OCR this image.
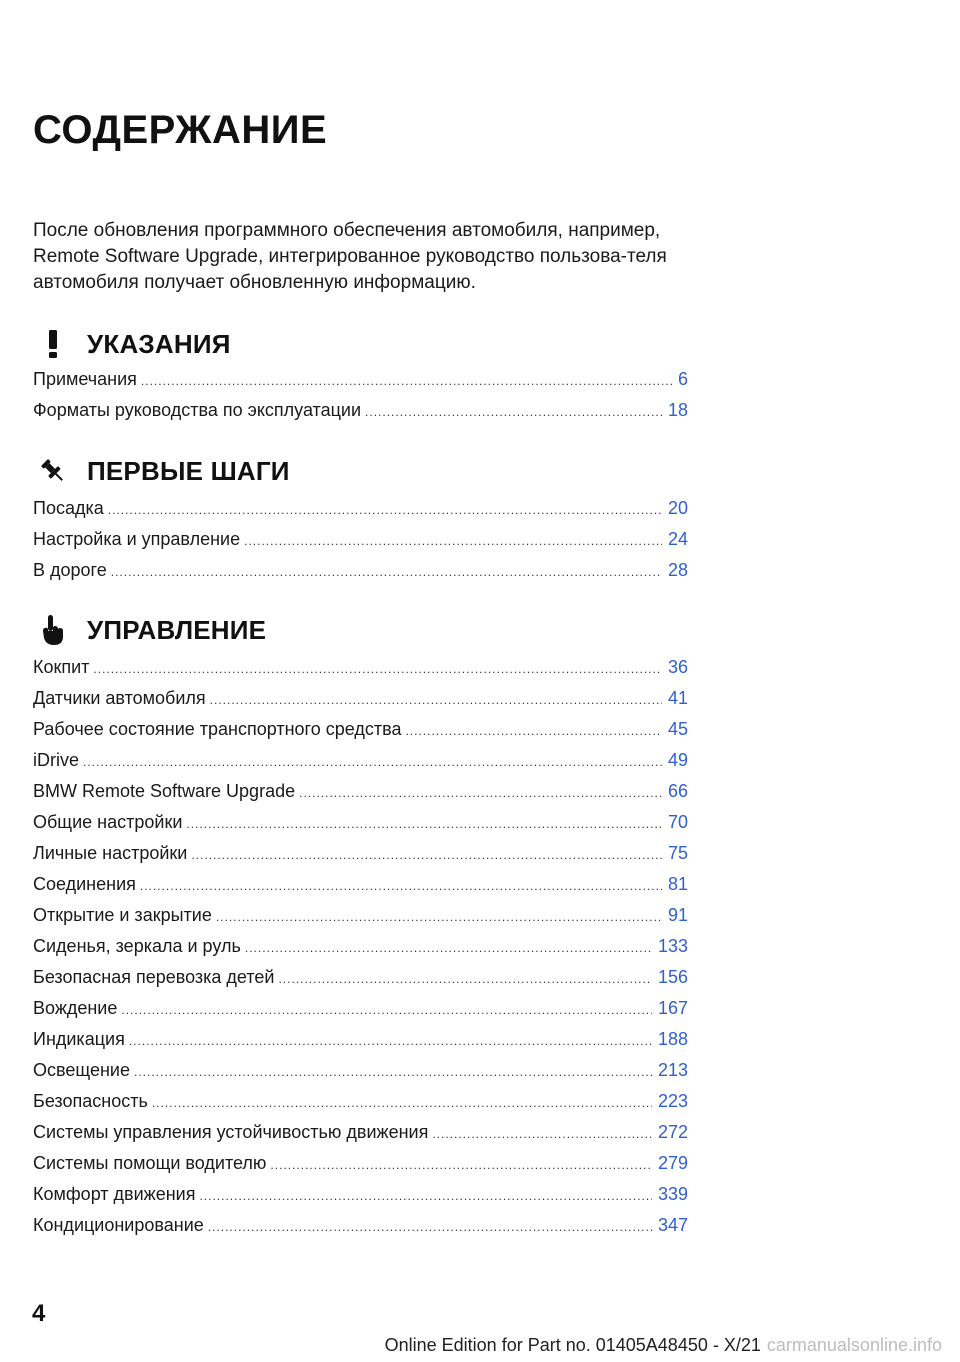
СОДЕРЖАНИЕ

После обновления программного обеспечения автомобиля, например, Remote Software Upgrade, интегрированное руководство пользова-теля автомобиля получает обновленную информацию.

УКАЗАНИЯ
Примечания .....	6
Форматы руководства по эксплуатации .....	18
ПЕРВЫЕ ШАГИ
Посадка .....	20
Настройка и управление .....	24
В дороге .....	28
УПРАВЛЕНИЕ
Кокпит .....	36
Датчики автомобиля .....	41
Рабочее состояние транспортного средства .....	45
iDrive .....	49
BMW Remote Software Upgrade .....	66
Общие настройки .....	70
Личные настройки .....	75
Соединения .....	81
Открытие и закрытие .....	91
Сиденья, зеркала и руль .....	133
Безопасная перевозка детей .....	156
Вождение .....	167
Индикация .....	188
Освещение .....	213
Безопасность .....	223
Системы управления устойчивостью движения .....	272
Системы помощи водителю .....	279
Комфорт движения .....	339
Кондиционирование .....	347

4

Online Edition for Part no. 01405A48450 - X/21 carmanualsonline.info
